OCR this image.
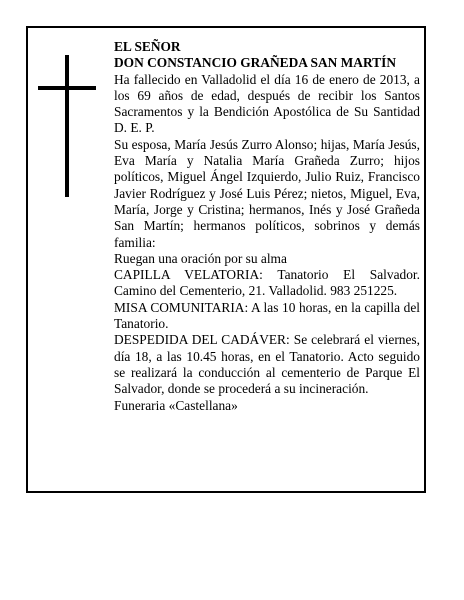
EL SEÑOR

DON CONSTANCIO GRAÑEDA SAN MARTÍN

Ha fallecido en Valladolid el día 16 de enero de 2013, a los 69 años de edad, después de recibir los Santos Sacramentos y la Bendición Apostólica de Su Santidad D. E. P.

Su esposa, María Jesús Zurro Alonso; hijas, María Jesús, Eva María y Natalia María Grañeda Zurro; hijos políticos, Miguel Ángel Izquierdo, Julio Ruiz, Francisco Javier Rodríguez y José Luis Pérez; nietos, Miguel, Eva, María, Jorge y Cristina; hermanos, Inés y José Grañeda San Martín; hermanos políticos, sobrinos y demás familia:

Ruegan una oración por su alma

CAPILLA VELATORIA: Tanatorio El Salvador. Camino del Cementerio, 21. Valladolid. 983 251225.

MISA COMUNITARIA: A las 10 horas, en la capilla del Tanatorio.

DESPEDIDA DEL CADÁVER: Se celebrará el viernes, día 18, a las 10.45 horas, en el Tanatorio. Acto seguido se realizará la conducción al cementerio de Parque El Salvador, donde se procederá a su incineración.

Funeraria «Castellana»
